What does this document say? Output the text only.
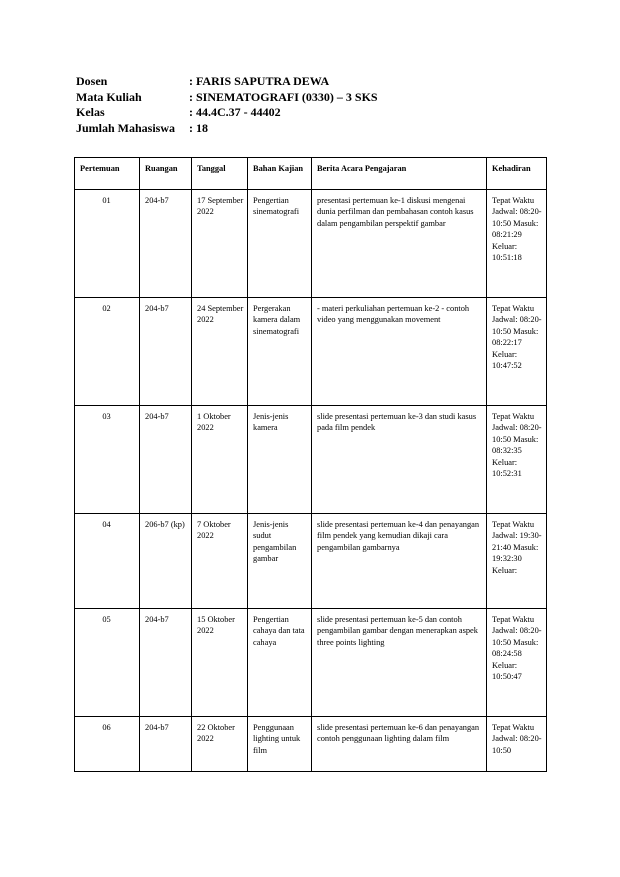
Dosen	: FARIS SAPUTRA DEWA
Mata Kuliah	: SINEMATOGRAFI (0330) – 3 SKS
Kelas	: 44.4C.37 - 44402
Jumlah Mahasiswa	: 18
Pertemuan	Ruangan	Tanggal	Bahan Kajian	Berita Acara Pengajaran	Kehadiran
01	204-b7	17 September 2022	Pengertian sinematografi	presentasi pertemuan ke-1 diskusi mengenai dunia perfilman dan pembahasan contoh kasus dalam pengambilan perspektif gambar	Tepat Waktu Jadwal: 08:20-10:50 Masuk: 08:21:29 Keluar: 10:51:18
02	204-b7	24 September 2022	Pergerakan kamera dalam sinematografi	- materi perkuliahan pertemuan ke-2 - contoh video yang menggunakan movement	Tepat Waktu Jadwal: 08:20-10:50 Masuk: 08:22:17 Keluar: 10:47:52
03	204-b7	1 Oktober 2022	Jenis-jenis kamera	slide presentasi pertemuan ke-3 dan studi kasus pada film pendek	Tepat Waktu Jadwal: 08:20-10:50 Masuk: 08:32:35 Keluar: 10:52:31
04	206-b7 (kp)	7 Oktober 2022	Jenis-jenis sudut pengambilan gambar	slide presentasi pertemuan ke-4 dan penayangan film pendek yang kemudian dikaji cara pengambilan gambarnya	Tepat Waktu Jadwal: 19:30-21:40 Masuk: 19:32:30 Keluar:
05	204-b7	15 Oktober 2022	Pengertian cahaya dan tata cahaya	slide presentasi pertemuan ke-5 dan contoh pengambilan gambar dengan menerapkan aspek three points lighting	Tepat Waktu Jadwal: 08:20-10:50 Masuk: 08:24:58 Keluar: 10:50:47
06	204-b7	22 Oktober 2022	Penggunaan lighting untuk film	slide presentasi pertemuan ke-6 dan penayangan contoh penggunaan lighting dalam film	Tepat Waktu Jadwal: 08:20-10:50
